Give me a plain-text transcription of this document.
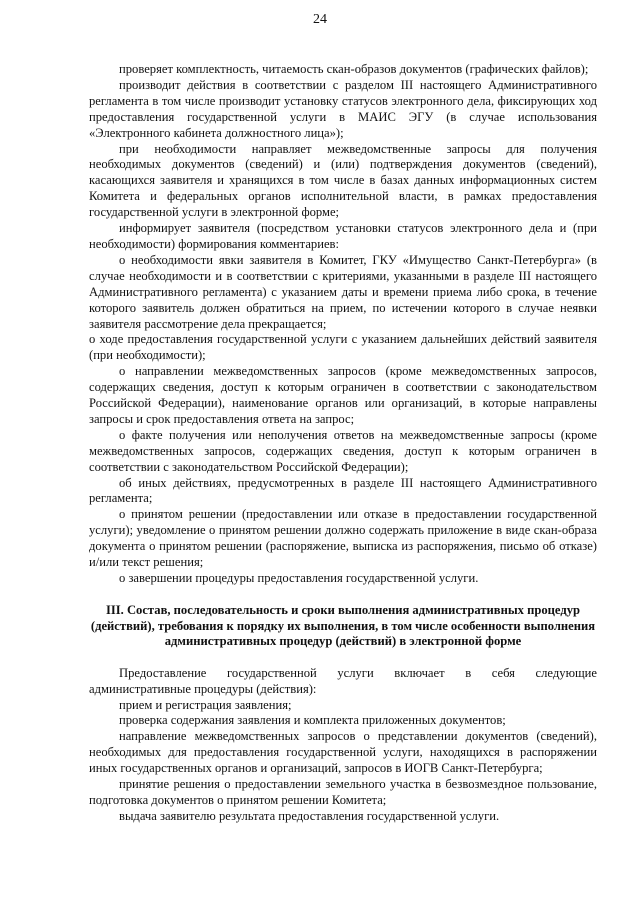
24

проверяет комплектность, читаемость скан-образов документов (графических файлов);

производит действия в соответствии с разделом III настоящего Административного регламента в том числе производит установку статусов электронного дела, фиксирующих ход предоставления государственной услуги в МАИС ЭГУ (в случае использования «Электронного кабинета должностного лица»);

при необходимости направляет межведомственные запросы для получения необходимых документов (сведений) и (или) подтверждения документов (сведений), касающихся заявителя и хранящихся в том числе в базах данных информационных систем Комитета и федеральных органов исполнительной власти, в рамках предоставления государственной услуги в электронной форме;

информирует заявителя (посредством установки статусов электронного дела и (при необходимости) формирования комментариев:

о необходимости явки заявителя в Комитет, ГКУ «Имущество Санкт-Петербурга» (в случае необходимости и в соответствии с критериями, указанными в разделе III настоящего Административного регламента) с указанием даты и времени приема либо срока, в течение которого заявитель должен обратиться на прием, по истечении которого в случае неявки заявителя рассмотрение дела прекращается;

о ходе предоставления государственной услуги с указанием дальнейших действий заявителя (при необходимости);

о направлении межведомственных запросов (кроме межведомственных запросов, содержащих сведения, доступ к которым ограничен в соответствии с законодательством Российской Федерации), наименование органов или организаций, в которые направлены запросы и срок предоставления ответа на запрос;

о факте получения или неполучения ответов на межведомственные запросы (кроме межведомственных запросов, содержащих сведения, доступ к которым ограничен в соответствии с законодательством Российской Федерации);

об иных действиях, предусмотренных в разделе III настоящего Административного регламента;

о принятом решении (предоставлении или отказе в предоставлении государственной услуги); уведомление о принятом решении должно содержать приложение в виде скан-образа документа о принятом решении (распоряжение, выписка из распоряжения, письмо об отказе) и/или текст решения;

о завершении процедуры предоставления государственной услуги.

III. Состав, последовательность и сроки выполнения административных процедур (действий), требования к порядку их выполнения, в том числе особенности выполнения административных процедур (действий) в электронной форме

Предоставление государственной услуги включает в себя следующие административные процедуры (действия):

прием и регистрация заявления;

проверка содержания заявления и комплекта приложенных документов;

направление межведомственных запросов о представлении документов (сведений), необходимых для предоставления государственной услуги, находящихся в распоряжении иных государственных органов и организаций, запросов в ИОГВ Санкт-Петербурга;

принятие решения о предоставлении земельного участка в безвозмездное пользование, подготовка документов о принятом решении Комитета;

выдача заявителю результата предоставления государственной услуги.
